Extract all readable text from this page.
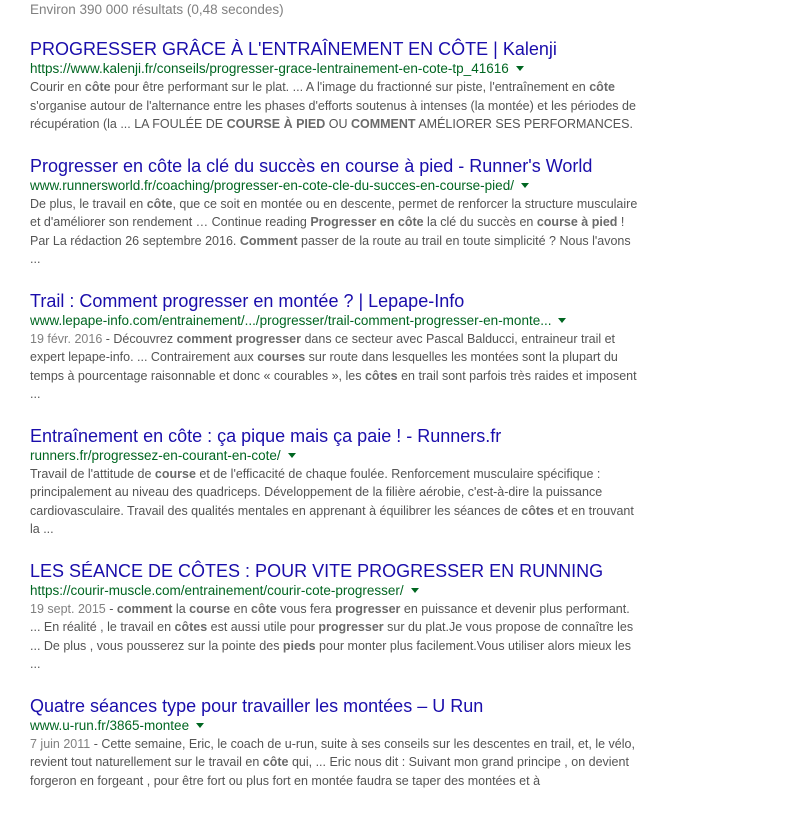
Environ 390 000 résultats (0,48 secondes)
PROGRESSER GRÂCE À L'ENTRAÎNEMENT EN CÔTE | Kalenji
https://www.kalenji.fr/conseils/progresser-grace-lentrainement-en-cote-tp_41616
Courir en côte pour être performant sur le plat. ... A l'image du fractionné sur piste, l'entraînement en côte s'organise autour de l'alternance entre les phases d'efforts soutenus à intenses (la montée) et les périodes de récupération (la ... LA FOULÉE DE COURSE À PIED OU COMMENT AMÉLIORER SES PERFORMANCES.
Progresser en côte la clé du succès en course à pied - Runner's World
www.runnersworld.fr/coaching/progresser-en-cote-cle-du-succes-en-course-pied/
De plus, le travail en côte, que ce soit en montée ou en descente, permet de renforcer la structure musculaire et d'améliorer son rendement … Continue reading Progresser en côte la clé du succès en course à pied ! Par La rédaction 26 septembre 2016. Comment passer de la route au trail en toute simplicité ? Nous l'avons ...
Trail : Comment progresser en montée ? | Lepape-Info
www.lepape-info.com/entrainement/.../progresser/trail-comment-progresser-en-monte...
19 févr. 2016 - Découvrez comment progresser dans ce secteur avec Pascal Balducci, entraineur trail et expert lepape-info. ... Contrairement aux courses sur route dans lesquelles les montées sont la plupart du temps à pourcentage raisonnable et donc « courables », les côtes en trail sont parfois très raides et imposent ...
Entraînement en côte : ça pique mais ça paie ! - Runners.fr
runners.fr/progressez-en-courant-en-cote/
Travail de l'attitude de course et de l'efficacité de chaque foulée. Renforcement musculaire spécifique : principalement au niveau des quadriceps. Développement de la filière aérobie, c'est-à-dire la puissance cardiovasculaire. Travail des qualités mentales en apprenant à équilibrer les séances de côtes et en trouvant la ...
LES SÉANCE DE CÔTES : POUR VITE PROGRESSER EN RUNNING
https://courir-muscle.com/entrainement/courir-cote-progresser/
19 sept. 2015 - comment la course en côte vous fera progresser en puissance et devenir plus performant. ... En réalité , le travail en côtes est aussi utile pour progresser sur du plat.Je vous propose de connaître les ... De plus , vous pousserez sur la pointe des pieds pour monter plus facilement.Vous utiliser alors mieux les ...
Quatre séances type pour travailler les montées – U Run
www.u-run.fr/3865-montee
7 juin 2011 - Cette semaine, Eric, le coach de u-run, suite à ses conseils sur les descentes en trail, et, le vélo, revient tout naturellement sur le travail en côte qui, ... Eric nous dit : Suivant mon grand principe , on devient forgeron en forgeant , pour être fort ou plus fort en montée faudra se taper des montées et à
